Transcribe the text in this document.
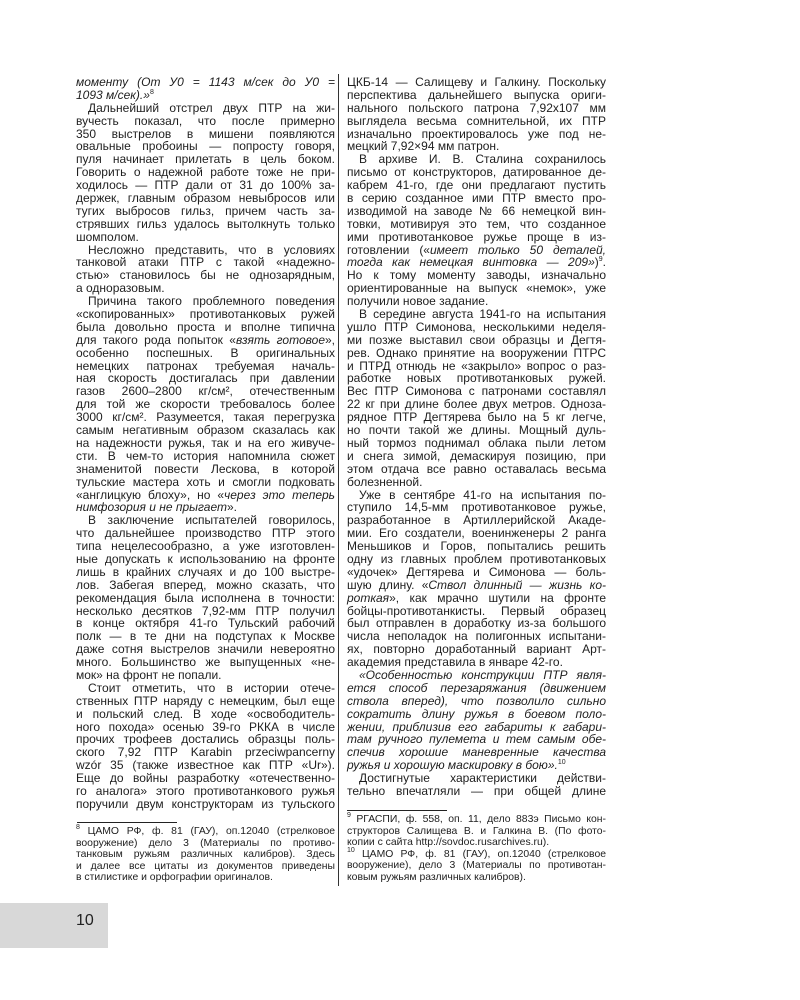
моменту (От У0 = 1143 м/сек до У0 =
1093 м/сек).»$^8$
Дальнейший отстрел двух ПТР на жи-
вучесть показал, что после примерно
350 выстрелов в мишени появляются
овальные пробоины — попросту говоря,
пуля начинает прилетать в цель боком.
Говорить о надежной работе тоже не при-
ходилось — ПТР дали от 31 до 100% за-
держек, главным образом невыбросов или
тугих выбросов гильз, причем часть за-
стрявших гильз удалось вытолкнуть только
шомполом.
Несложно представить, что в условиях
танковой атаки ПТР с такой «надежно-
стью» становилось бы не однозарядным,
а одноразовым.
Причина такого проблемного поведения
«скопированных» противотанковых ружей
была довольно проста и вполне типична
для такого рода попыток «взять готовое»,
особенно поспешных. В оригинальных
немецких патронах требуемая началь-
ная скорость достигалась при давлении
газов 2600–2800 кг/см², отечественным
для той же скорости требовалось более
3000 кг/см². Разумеется, такая перегрузка
самым негативным образом сказалась как
на надежности ружья, так и на его живуче-
сти. В чем-то история напомнила сюжет
знаменитой повести Лескова, в которой
тульские мастера хоть и смогли подковать
«англицкую блоху», но «через это теперь
нимфозория и не прыгает».
В заключение испытателей говорилось,
что дальнейшее производство ПТР этого
типа нецелесообразно, а уже изготовлен-
ные допускать к использованию на фронте
лишь в крайних случаях и до 100 выстре-
лов. Забегая вперед, можно сказать, что
рекомендация была исполнена в точности:
несколько десятков 7,92-мм ПТР получил
в конце октября 41-го Тульский рабочий
полк — в те дни на подступах к Москве
даже сотня выстрелов значили невероятно
много. Большинство же выпущенных «не-
мок» на фронт не попали.
Стоит отметить, что в истории отече-
ственных ПТР наряду с немецким, был еще
и польский след. В ходе «освободитель-
ного похода» осенью 39-го РККА в числе
прочих трофеев достались образцы поль-
ского 7,92 ПТР Karabin przeciwpancerny
wzór 35 (также известное как ПТР «Ur»).
Еще до войны разработку «отечественно-
го аналога» этого противотанкового ружья
поручили двум конструкторам из тульского
ЦКБ-14 — Салищеву и Галкину. Поскольку
перспектива дальнейшего выпуска ориги-
нального польского патрона 7,92х107 мм
выглядела весьма сомнительной, их ПТР
изначально проектировалось уже под не-
мецкий 7,92×94 мм патрон.
В архиве И. В. Сталина сохранилось
письмо от конструкторов, датированное де-
кабрем 41-го, где они предлагают пустить
в серию созданное ими ПТР вместо про-
изводимой на заводе № 66 немецкой вин-
товки, мотивируя это тем, что созданное
ими противотанковое ружье проще в из-
готовлении («имеет только 50 деталей,
тогда как немецкая винтовка — 209»)$^9$.
Но к тому моменту заводы, изначально
ориентированные на выпуск «немок», уже
получили новое задание.
В середине августа 1941-го на испытания
ушло ПТР Симонова, несколькими неделя-
ми позже выставил свои образцы и Дегтя-
рев. Однако принятие на вооружении ПТРС
и ПТРД отнюдь не «закрыло» вопрос о раз-
работке новых противотанковых ружей.
Вес ПТР Симонова с патронами составлял
22 кг при длине более двух метров. Одноза-
рядное ПТР Дегтярева было на 5 кг легче,
но почти такой же длины. Мощный дуль-
ный тормоз поднимал облака пыли летом
и снега зимой, демаскируя позицию, при
этом отдача все равно оставалась весьма
болезненной.
Уже в сентябре 41-го на испытания по-
ступило 14,5-мм противотанковое ружье,
разработанное в Артиллерийской Акаде-
мии. Его создатели, военинженеры 2 ранга
Меньшиков и Горов, попытались решить
одну из главных проблем противотанковых
«удочек» Дегтярева и Симонова — боль-
шую длину. «Ствол длинный — жизнь ко-
роткая», как мрачно шутили на фронте
бойцы-противотанкисты. Первый образец
был отправлен в доработку из-за большого
числа неполадок на полигонных испытани-
ях, повторно доработанный вариант Арт-
академия представила в январе 42-го.
«Особенностью конструкции ПТР явля-
ется способ перезаряжания (движением
ствола вперед), что позволило сильно
сократить длину ружья в боевом поло-
жении, приблизив его габариты к габари-
там ручного пулемета и тем самым обе-
спечив хорошие маневренные качества
ружья и хорошую маскировку в бою».$^{10}$
Достигнутые характеристики действи-
тельно впечатляли — при общей длине
$^8$ ЦАМО РФ, ф. 81 (ГАУ), оп.12040 (стрелковое
вооружение) дело 3 (Материалы по противо-
танковым ружьям различных калибров). Здесь
и далее все цитаты из документов приведены
в стилистике и орфографии оригиналов.
$^9$ РГАСПИ, ф. 558, оп. 11, дело 883э Письмо кон-
структоров Салищева В. и Галкина В. (По фото-
копии с сайта http://sovdoc.rusarchives.ru).
$^{10}$ ЦАМО РФ, ф. 81 (ГАУ), оп.12040 (стрелковое
вооружение), дело 3 (Материалы по противотан-
ковым ружьям различных калибров).
10
